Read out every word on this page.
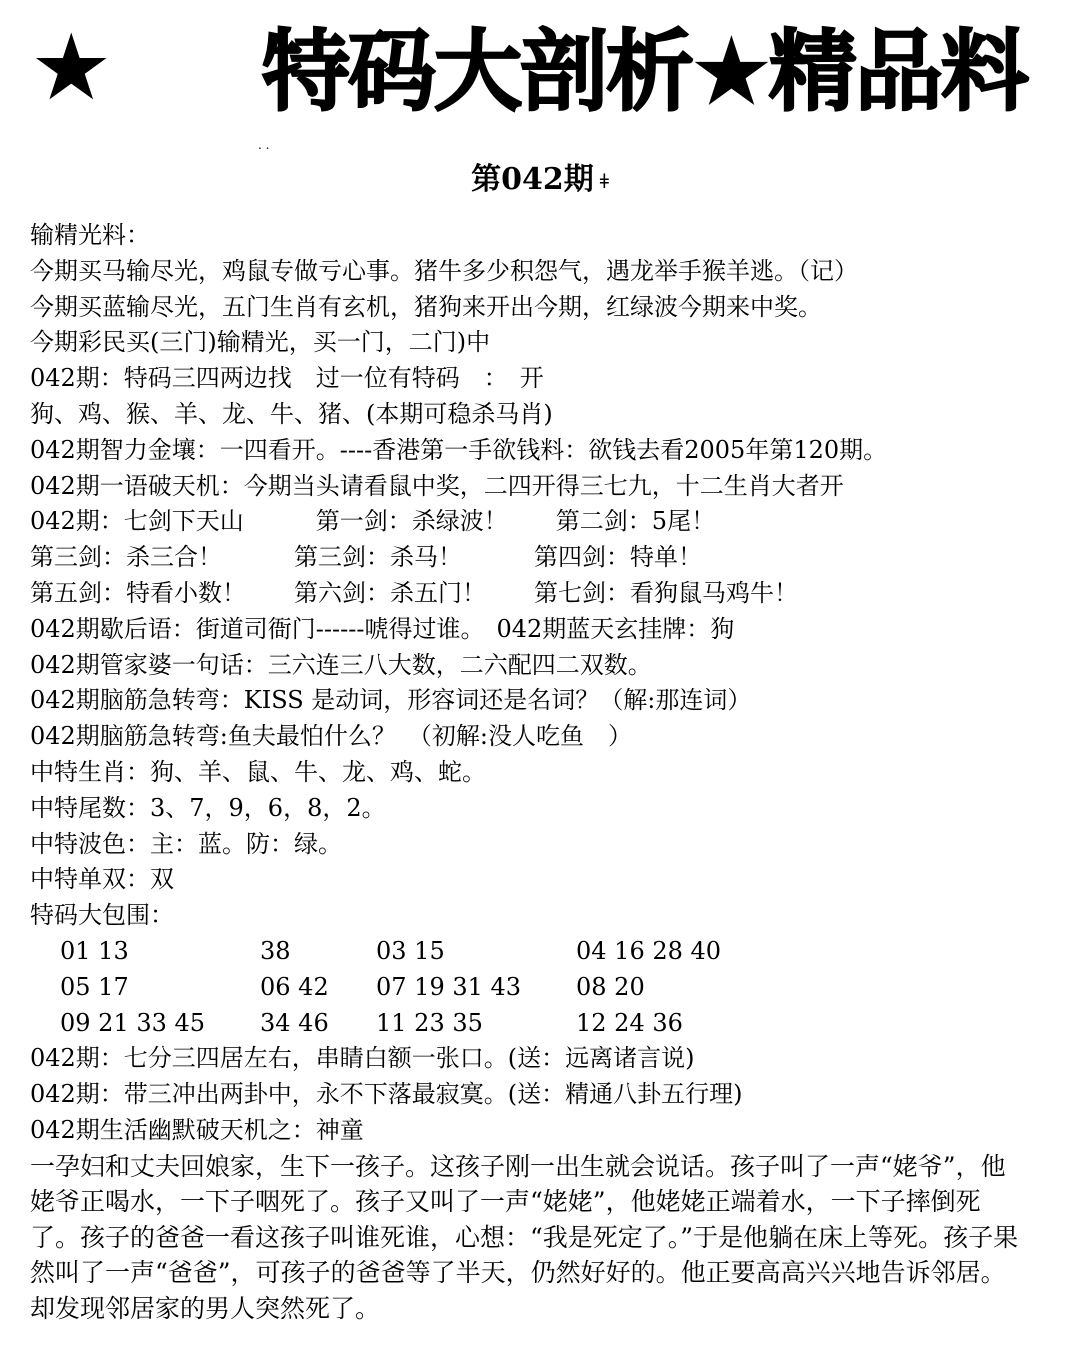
★ 特码大剖析★精品料
. .
第042期 ǂ
输精光料：
今期买马输尽光，鸡鼠专做亏心事。猪牛多少积怨气，遇龙举手猴羊逃。（记）
今期买蓝输尽光，五门生肖有玄机，猪狗来开出今期，红绿波今期来中奖。
今期彩民买(三门)输精光，买一门，二门)中
042期：特码三四两边找　过一位有特码　：　开
狗、鸡、猴、羊、龙、牛、猪、(本期可稳杀马肖)
042期智力金壤：一四看开。----香港第一手欲钱料：欲钱去看2005年第120期。
042期一语破天机：今期当头请看鼠中奖，二四开得三七九，十二生肖大者开
042期：七剑下天山　　　第一剑：杀绿波！　　第二剑：5尾！
第三剑：杀三合！　　　第三剑：杀马！　　　第四剑：特单！
第五剑：特看小数！　　第六剑：杀五门！　　第七剑：看狗鼠马鸡牛！
042期歇后语：街道司衙门------唬得过谁。　042期蓝天玄挂牌：狗
042期管家婆一句话：三六连三八大数，二六配四二双数。
042期脑筋急转弯：KISS 是动词，形容词还是名词？（解:那连词）
042期脑筋急转弯:鱼夫最怕什么？　（初解:没人吃鱼　）
中特生肖：狗、羊、鼠、牛、龙、鸡、蛇。
中特尾数：3、7，9，6，8，2。
中特波色：主：蓝。防：绿。
中特单双：双
特码大包围：
01 13	38	03 15	04 16 28 40
05 17	06 42	07 19 31 43	08 20
09 21 33 45	34 46	11 23 35	12 24 36
042期：七分三四居左右，串睛白额一张口。(送：远离诸言说)
042期：带三冲出两卦中，永不下落最寂寞。(送：精通八卦五行理)
042期生活幽默破天机之：神童
一孕妇和丈夫回娘家，生下一孩子。这孩子刚一出生就会说话。孩子叫了一声“姥爷”，他姥爷正喝水，一下子咽死了。孩子又叫了一声“姥姥”，他姥姥正端着水，一下子摔倒死了。孩子的爸爸一看这孩子叫谁死谁，心想：“我是死定了。”于是他躺在床上等死。孩子果然叫了一声“爸爸”，可孩子的爸爸等了半天，仍然好好的。他正要高高兴兴地告诉邻居。却发现邻居家的男人突然死了。
